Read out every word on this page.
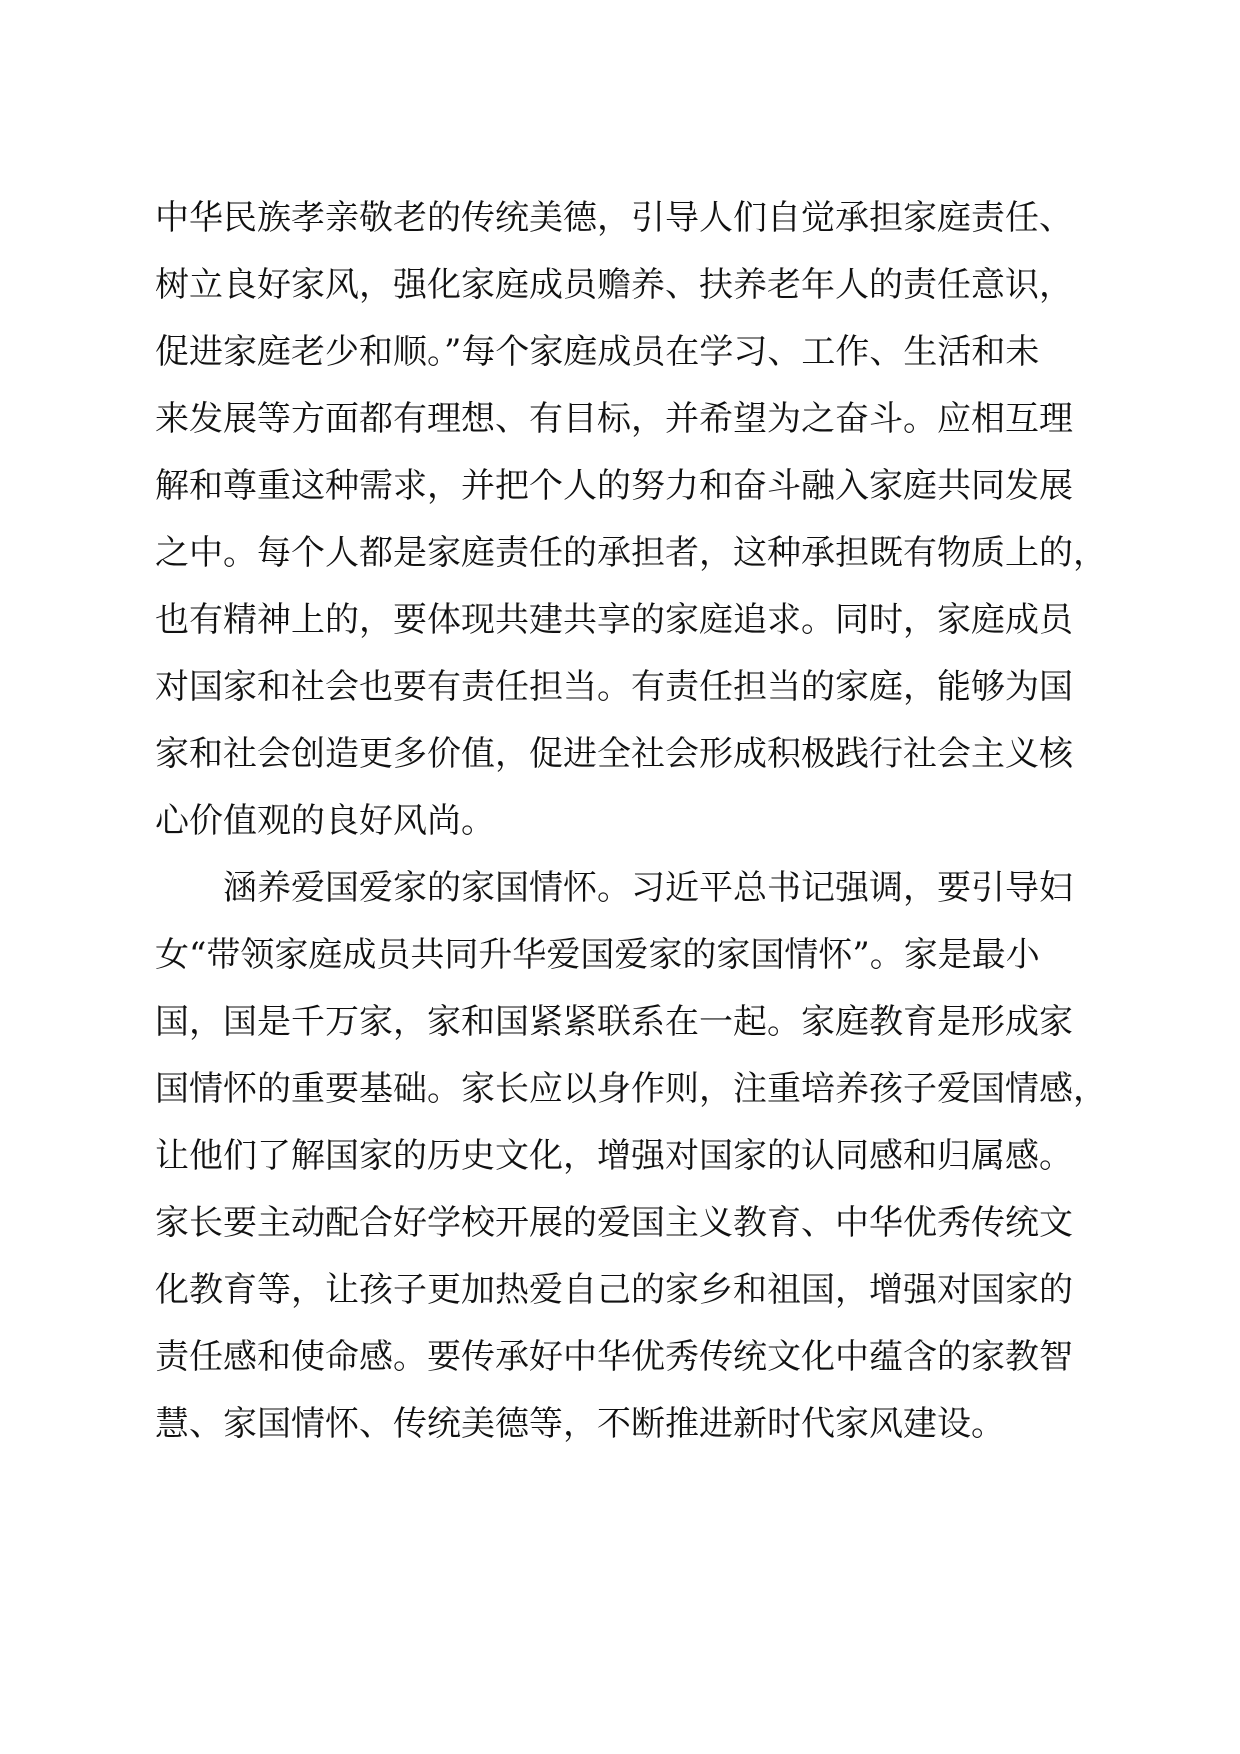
中华民族孝亲敬老的传统美德，引导人们自觉承担家庭责任、
树立良好家风，强化家庭成员赡养、扶养老年人的责任意识，
促进家庭老少和顺。”每个家庭成员在学习、工作、生活和未
来发展等方面都有理想、有目标，并希望为之奋斗。应相互理
解和尊重这种需求，并把个人的努力和奋斗融入家庭共同发展
之中。每个人都是家庭责任的承担者，这种承担既有物质上的，
也有精神上的，要体现共建共享的家庭追求。同时，家庭成员
对国家和社会也要有责任担当。有责任担当的家庭，能够为国
家和社会创造更多价值，促进全社会形成积极践行社会主义核
心价值观的良好风尚。
涵养爱国爱家的家国情怀。习近平总书记强调，要引导妇
女“带领家庭成员共同升华爱国爱家的家国情怀”。家是最小
国，国是千万家，家和国紧紧联系在一起。家庭教育是形成家
国情怀的重要基础。家长应以身作则，注重培养孩子爱国情感，
让他们了解国家的历史文化，增强对国家的认同感和归属感。
家长要主动配合好学校开展的爱国主义教育、中华优秀传统文
化教育等，让孩子更加热爱自己的家乡和祖国，增强对国家的
责任感和使命感。要传承好中华优秀传统文化中蕴含的家教智
慧、家国情怀、传统美德等，不断推进新时代家风建设。
